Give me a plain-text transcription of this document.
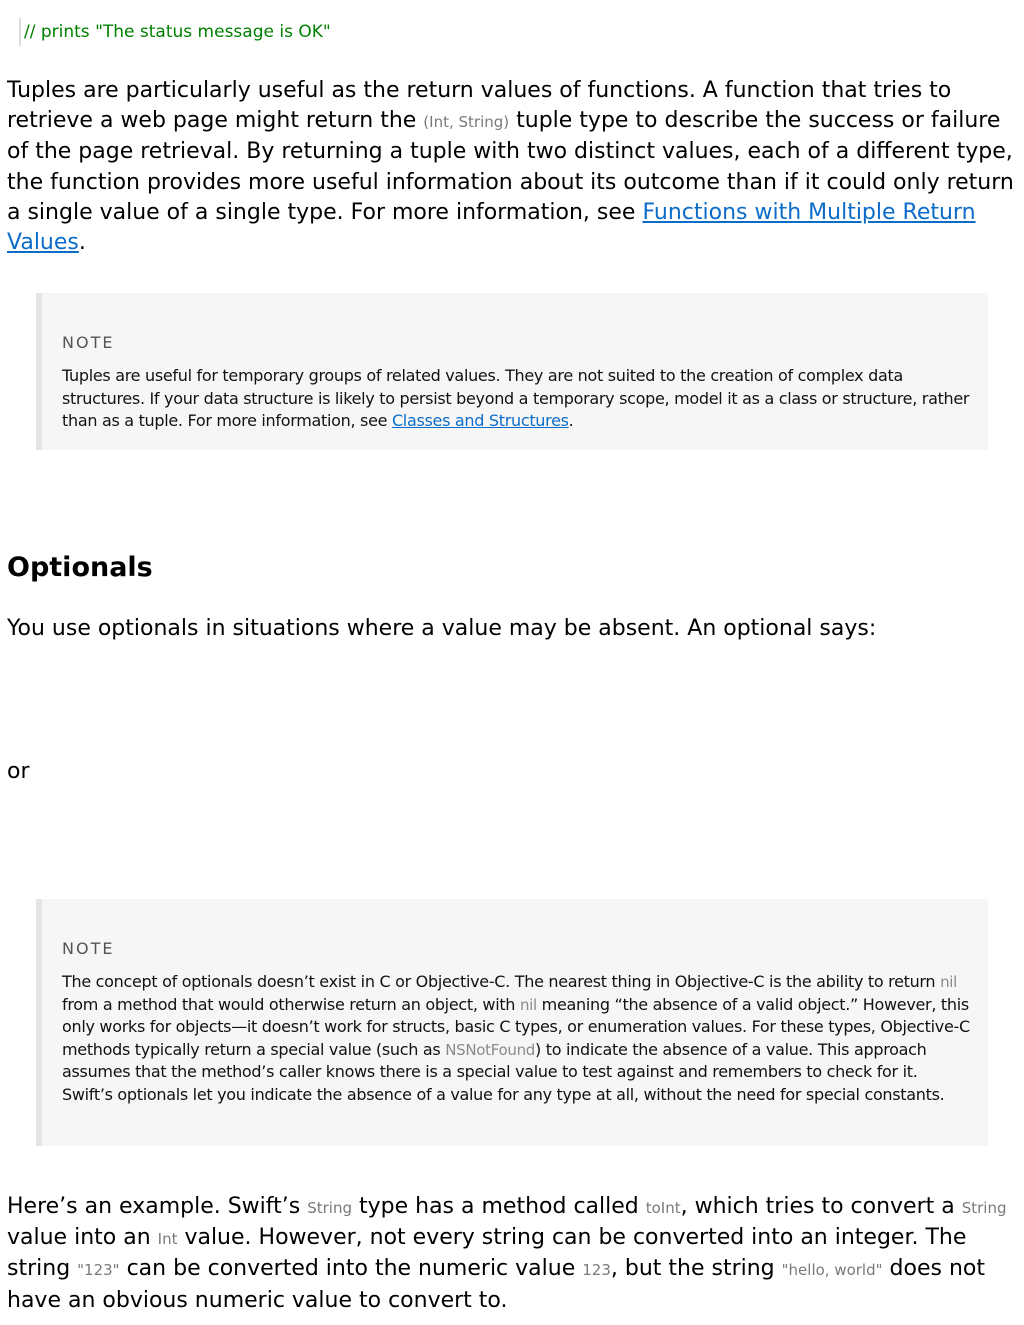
// prints "The status message is OK"

Tuples are particularly useful as the return values of functions. A function that tries to retrieve a web page might return the (Int, String) tuple type to describe the success or failure of the page retrieval. By returning a tuple with two distinct values, each of a different type, the function provides more useful information about its outcome than if it could only return a single value of a single type. For more information, see Functions with Multiple Return Values.

NOTE

Tuples are useful for temporary groups of related values. They are not suited to the creation of complex data structures. If your data structure is likely to persist beyond a temporary scope, model it as a class or structure, rather than as a tuple. For more information, see Classes and Structures.

Optionals

You use optionals in situations where a value may be absent. An optional says:

or

NOTE

The concept of optionals doesn’t exist in C or Objective-C. The nearest thing in Objective-C is the ability to return nil from a method that would otherwise return an object, with nil meaning “the absence of a valid object.” However, this only works for objects—it doesn’t work for structs, basic C types, or enumeration values. For these types, Objective-C methods typically return a special value (such as NSNotFound) to indicate the absence of a value. This approach assumes that the method’s caller knows there is a special value to test against and remembers to check for it. Swift’s optionals let you indicate the absence of a value for any type at all, without the need for special constants.

Here’s an example. Swift’s String type has a method called toInt, which tries to convert a String value into an Int value. However, not every string can be converted into an integer. The string "123" can be converted into the numeric value 123, but the string "hello, world" does not have an obvious numeric value to convert to.
